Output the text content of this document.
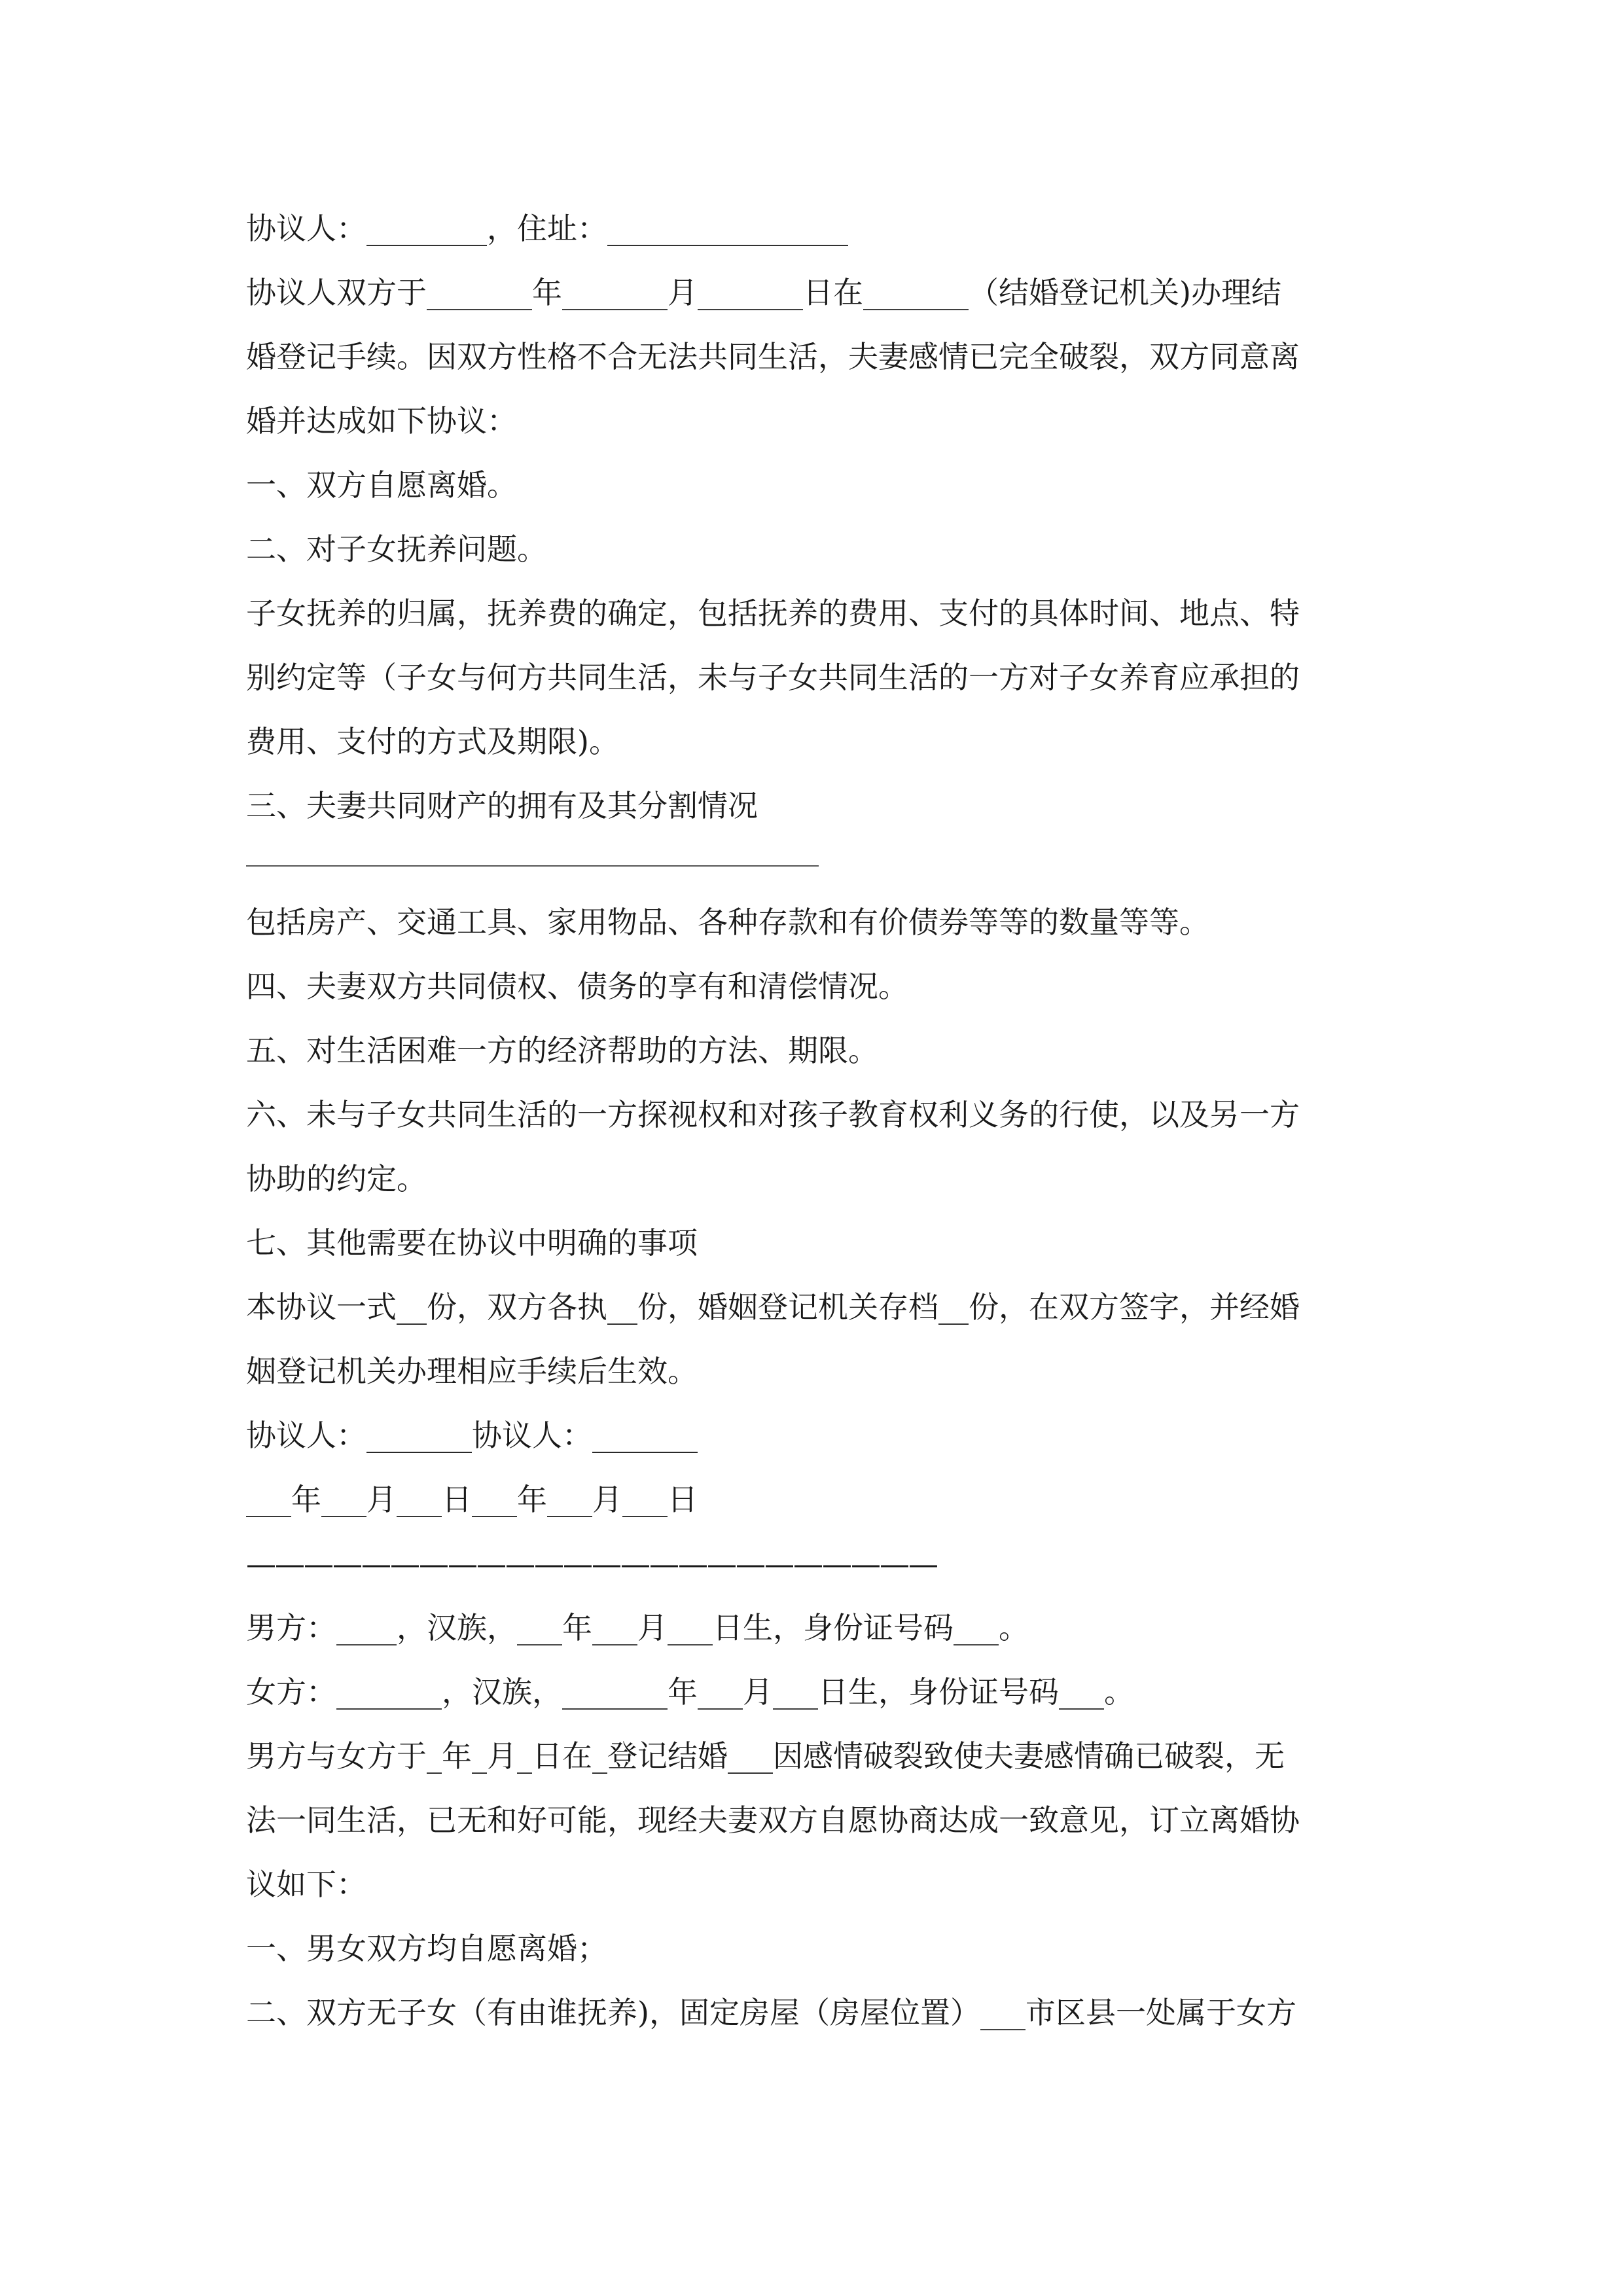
协议人：________，住址：________________
协议人双方于_______年_______月_______日在_______（结婚登记机关)办理结
婚登记手续。因双方性格不合无法共同生活，夫妻感情已完全破裂，双方同意离
婚并达成如下协议：
一、双方自愿离婚。
二、对子女抚养问题。
子女抚养的归属，抚养费的确定，包括抚养的费用、支付的具体时间、地点、特
别约定等（子女与何方共同生活，未与子女共同生活的一方对子女养育应承担的
费用、支付的方式及期限)。
三、夫妻共同财产的拥有及其分割情况
包括房产、交通工具、家用物品、各种存款和有价债券等等的数量等等。
四、夫妻双方共同债权、债务的享有和清偿情况。
五、对生活困难一方的经济帮助的方法、期限。
六、未与子女共同生活的一方探视权和对孩子教育权利义务的行使，以及另一方
协助的约定。
七、其他需要在协议中明确的事项
本协议一式__份，双方各执__份，婚姻登记机关存档__份，在双方签字，并经婚
姻登记机关办理相应手续后生效。
协议人：_______协议人：_______
___年___月___日___年___月___日
————————————————————————
男方：____，汉族，___年___月___日生，身份证号码___。
女方：_______，汉族，_______年___月___日生，身份证号码___。
男方与女方于_年_月_日在_登记结婚___因感情破裂致使夫妻感情确已破裂，无
法一同生活，已无和好可能，现经夫妻双方自愿协商达成一致意见，订立离婚协
议如下：
一、男女双方均自愿离婚；
二、双方无子女（有由谁抚养)，固定房屋（房屋位置）___市区县一处属于女方
